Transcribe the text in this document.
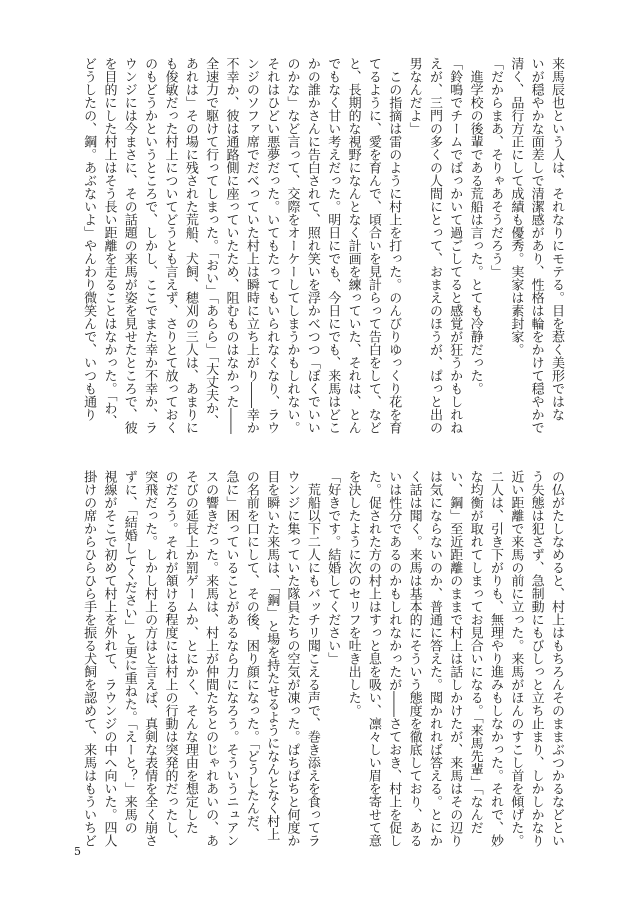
来馬辰也という人は、それなりにモテる。目を惹く美形ではな
いが穏やかな面差しで清潔感があり、性格は輪をかけて穏やかで
清く、品行方正にして成績も優秀。実家は素封家。
「だからまあ、そりゃあそうだろう」
　進学校の後輩である荒船は言った。とても冷静だった。
「鈴鳴でチームでばっかいて過ごしてると感覚が狂うかもしれね
えが、三門の多くの人間にとって、おまえのほうが、ぱっと出の
男なんだよ」
　この指摘は雷のように村上を打った。のんびりゆっくり花を育
てるように、愛を育んで、頃合いを見計らって告白をして、など
と、長期的な視野になんとなく計画を練っていた、それは、とん
でもなく甘い考えだった。明日にでも、今日にでも、来馬はどこ
かの誰かさんに告白されて、照れ笑いを浮かべつつ「ぼくでいい
のかな」など言って、交際をオーケーしてしまうかもしれない。
それはひどい悪夢だった。いてもたってもいられなくなり、ラウ
ンジのソファ席でだべっていた村上は瞬時に立ち上がり――幸か
不幸か、彼は通路側に座っていたため、阻むものはなかった――
全速力で駆けて行ってしまった。「おい」「あらら」「大丈夫か、
あれは」その場に残された荒船、犬飼、穂刈の三人は、あまりに
も俊敏だった村上についてどうとも言えず、さりとて放っておく
のもどうかというところで、しかし、ここでまた幸か不幸か、ラ
ウンジには今まさに、その話題の来馬が姿を見せたところで、彼
を目的にした村上はそう長い距離を走ることはなかった。「わ、
どうしたの、鋼。あぶないよ」やんわり微笑んで、いつも通り
の仏がたしなめると、村上はもちろんそのままぶつかるなどとい
う失態は犯さず、急制動にもびしっと立ち止まり、しかしかなり
近い距離で来馬の前に立った。来馬がほんのすこし首を傾げた。
二人は、引き下がりも、無理やり進みもしなかった。それで、妙
な均衡が取れてしまってお見合いになる。「来馬先輩」「なんだ
い、鋼」至近距離のままで村上は話しかけたが、来馬はその辺り
は気にならないのか、普通に答えた。聞かれれば答える。とにか
く話は聞く。来馬は基本的にそういう態度を徹底しており、ある
いは性分であるのかもしれなかったが――さておき、村上を促し
た。促された方の村上はすっと息を吸い、凛々しい眉を寄せて意
を決したように次のセリフを吐き出した。
「好きです。結婚してください」
　荒船以下二人にもバッチリ聞こえる声で、巻き添えを食ってラ
ウンジに集っていた隊員たちの空気が凍った。ぱちぱちと何度か
目を瞬いた来馬は、「鋼」と場を持たせるようになんとなく村上
の名前を口にして、その後、困り顔になった。「どうしたんだ、
急に」困っていることがあるなら力になろう。そういうニュアン
スの響きだった。来馬は、村上が仲間たちとのじゃれあいの、あ
そびの延長上か罰ゲームか、とにかく、そんな理由を想定した
のだろう。それが頷ける程度には村上の行動は突発的だったし、
突飛だった。しかし村上の方はと言えば、真剣な表情を全く崩さ
ずに、「結婚してください」と更に重ねた。「えーと？」来馬の
視線がそこで初めて村上を外れて、ラウンジの中へ向いた。四人
掛けの席からひらひら手を振る犬飼を認めて、来馬はもういちど
5
